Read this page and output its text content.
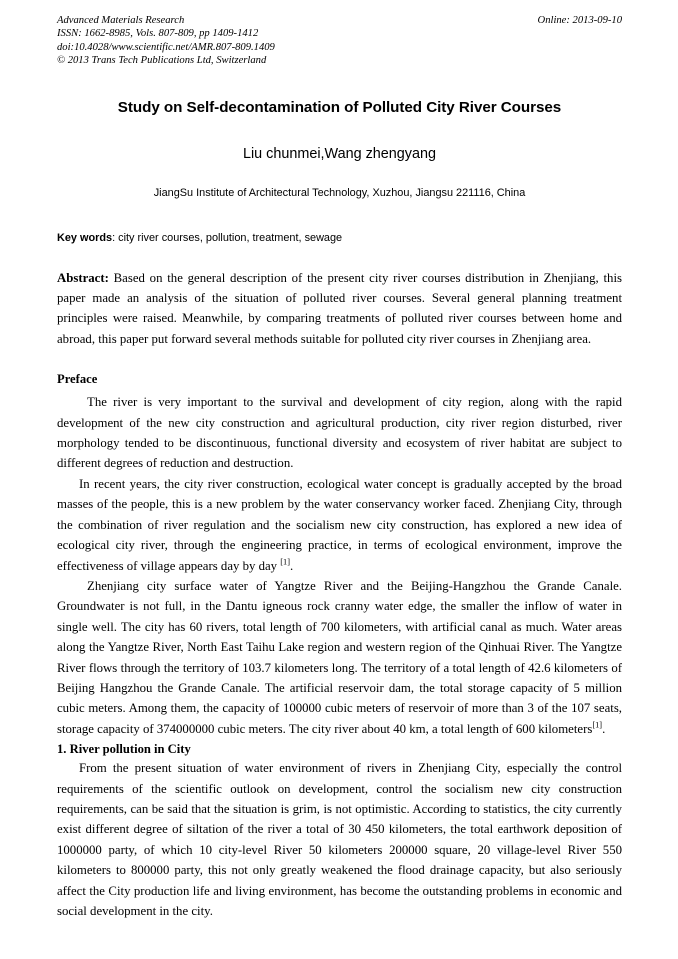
Advanced Materials Research
ISSN: 1662-8985, Vols. 807-809, pp 1409-1412
doi:10.4028/www.scientific.net/AMR.807-809.1409
© 2013 Trans Tech Publications Ltd, Switzerland
Online: 2013-09-10
Study on Self-decontamination of Polluted City River Courses
Liu chunmei,Wang zhengyang
JiangSu Institute of Architectural Technology, Xuzhou, Jiangsu 221116, China
Key words: city river courses, pollution, treatment, sewage
Abstract: Based on the general description of the present city river courses distribution in Zhenjiang, this paper made an analysis of the situation of polluted river courses. Several general planning treatment principles were raised. Meanwhile, by comparing treatments of polluted river courses between home and abroad, this paper put forward several methods suitable for polluted city river courses in Zhenjiang area.
Preface

The river is very important to the survival and development of city region, along with the rapid development of the new city construction and agricultural production, city river region disturbed, river morphology tended to be discontinuous, functional diversity and ecosystem of river habitat are subject to different degrees of reduction and destruction.

In recent years, the city river construction, ecological water concept is gradually accepted by the broad masses of the people, this is a new problem by the water conservancy worker faced. Zhenjiang City, through the combination of river regulation and the socialism new city construction, has explored a new idea of ecological city river, through the engineering practice, in terms of ecological environment, improve the effectiveness of village appears day by day [1].

Zhenjiang city surface water of Yangtze River and the Beijing-Hangzhou the Grande Canale. Groundwater is not full, in the Dantu igneous rock cranny water edge, the smaller the inflow of water in single well. The city has 60 rivers, total length of 700 kilometers, with artificial canal as much. Water areas along the Yangtze River, North East Taihu Lake region and western region of the Qinhuai River. The Yangtze River flows through the territory of 103.7 kilometers long. The territory of a total length of 42.6 kilometers of Beijing Hangzhou the Grande Canale. The artificial reservoir dam, the total storage capacity of 5 million cubic meters. Among them, the capacity of 100000 cubic meters of reservoir of more than 3 of the 107 seats, storage capacity of 374000000 cubic meters. The city river about 40 km, a total length of 600 kilometers[1].

1. River pollution in City

From the present situation of water environment of rivers in Zhenjiang City, especially the control requirements of the scientific outlook on development, control the socialism new city construction requirements, can be said that the situation is grim, is not optimistic. According to statistics, the city currently exist different degree of siltation of the river a total of 30 450 kilometers, the total earthwork deposition of 1000000 party, of which 10 city-level River 50 kilometers 200000 square, 20 village-level River 550 kilometers to 800000 party, this not only greatly weakened the flood drainage capacity, but also seriously affect the City production life and living environment, has become the outstanding problems in economic and social development in the city.
